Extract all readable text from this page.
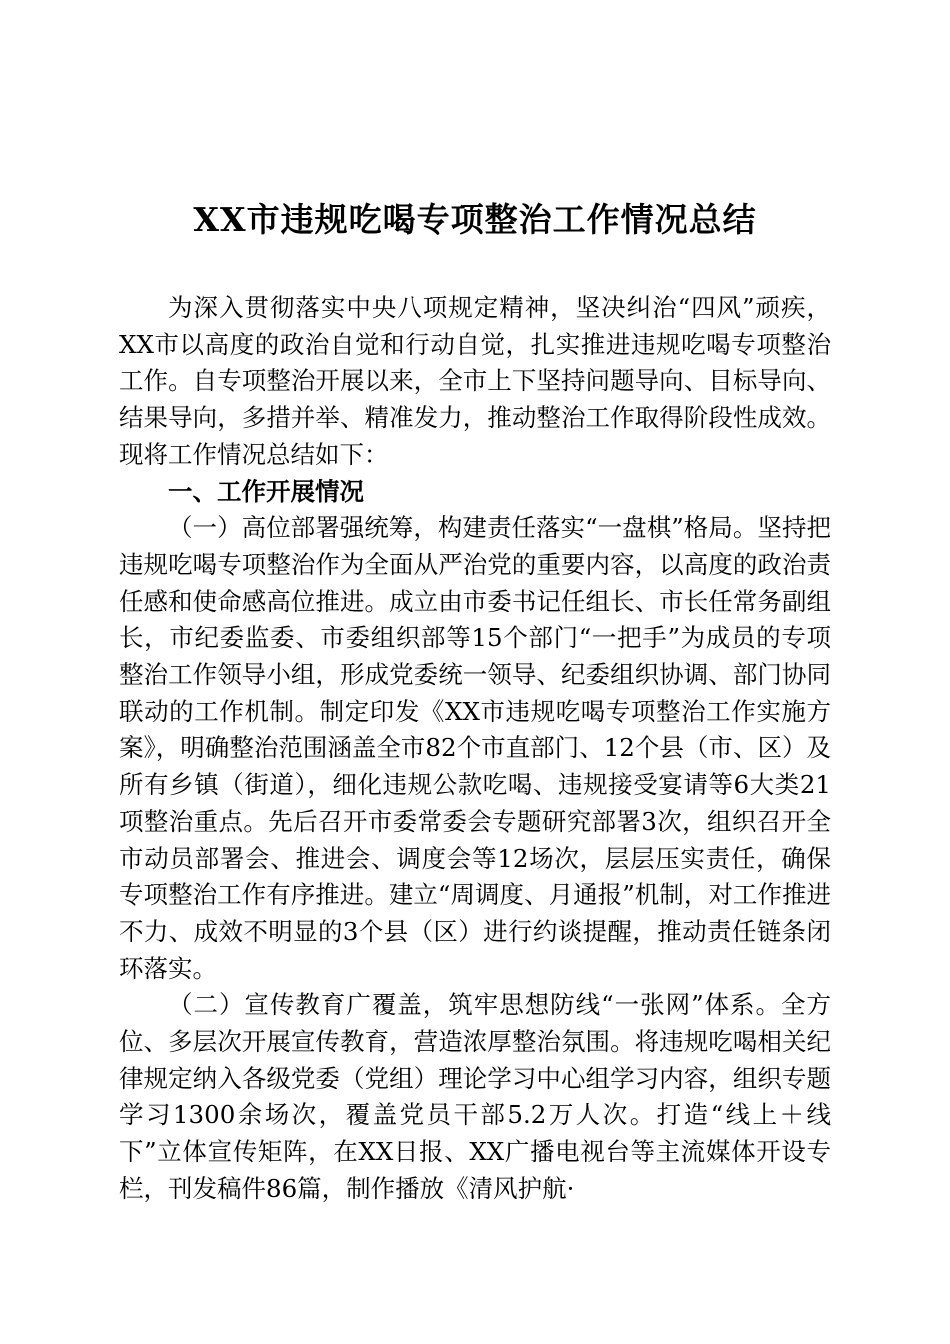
XX市违规吃喝专项整治工作情况总结

为深入贯彻落实中央八项规定精神，坚决纠治“四风”顽疾，XX市以高度的政治自觉和行动自觉，扎实推进违规吃喝专项整治工作。自专项整治开展以来，全市上下坚持问题导向、目标导向、结果导向，多措并举、精准发力，推动整治工作取得阶段性成效。现将工作情况总结如下：

一、工作开展情况

（一）高位部署强统筹，构建责任落实“一盘棋”格局。坚持把违规吃喝专项整治作为全面从严治党的重要内容，以高度的政治责任感和使命感高位推进。成立由市委书记任组长、市长任常务副组长，市纪委监委、市委组织部等15个部门“一把手”为成员的专项整治工作领导小组，形成党委统一领导、纪委组织协调、部门协同联动的工作机制。制定印发《XX市违规吃喝专项整治工作实施方案》，明确整治范围涵盖全市82个市直部门、12个县（市、区）及所有乡镇（街道），细化违规公款吃喝、违规接受宴请等6大类21项整治重点。先后召开市委常委会专题研究部署3次，组织召开全市动员部署会、推进会、调度会等12场次，层层压实责任，确保专项整治工作有序推进。建立“周调度、月通报”机制，对工作推进不力、成效不明显的3个县（区）进行约谈提醒，推动责任链条闭环落实。

（二）宣传教育广覆盖，筑牢思想防线“一张网”体系。全方位、多层次开展宣传教育，营造浓厚整治氛围。将违规吃喝相关纪律规定纳入各级党委（党组）理论学习中心组学习内容，组织专题学习1300余场次，覆盖党员干部5.2万人次。打造“线上＋线下”立体宣传矩阵，在XX日报、XX广播电视台等主流媒体开设专栏，刊发稿件86篇，制作播放《清风护航·
